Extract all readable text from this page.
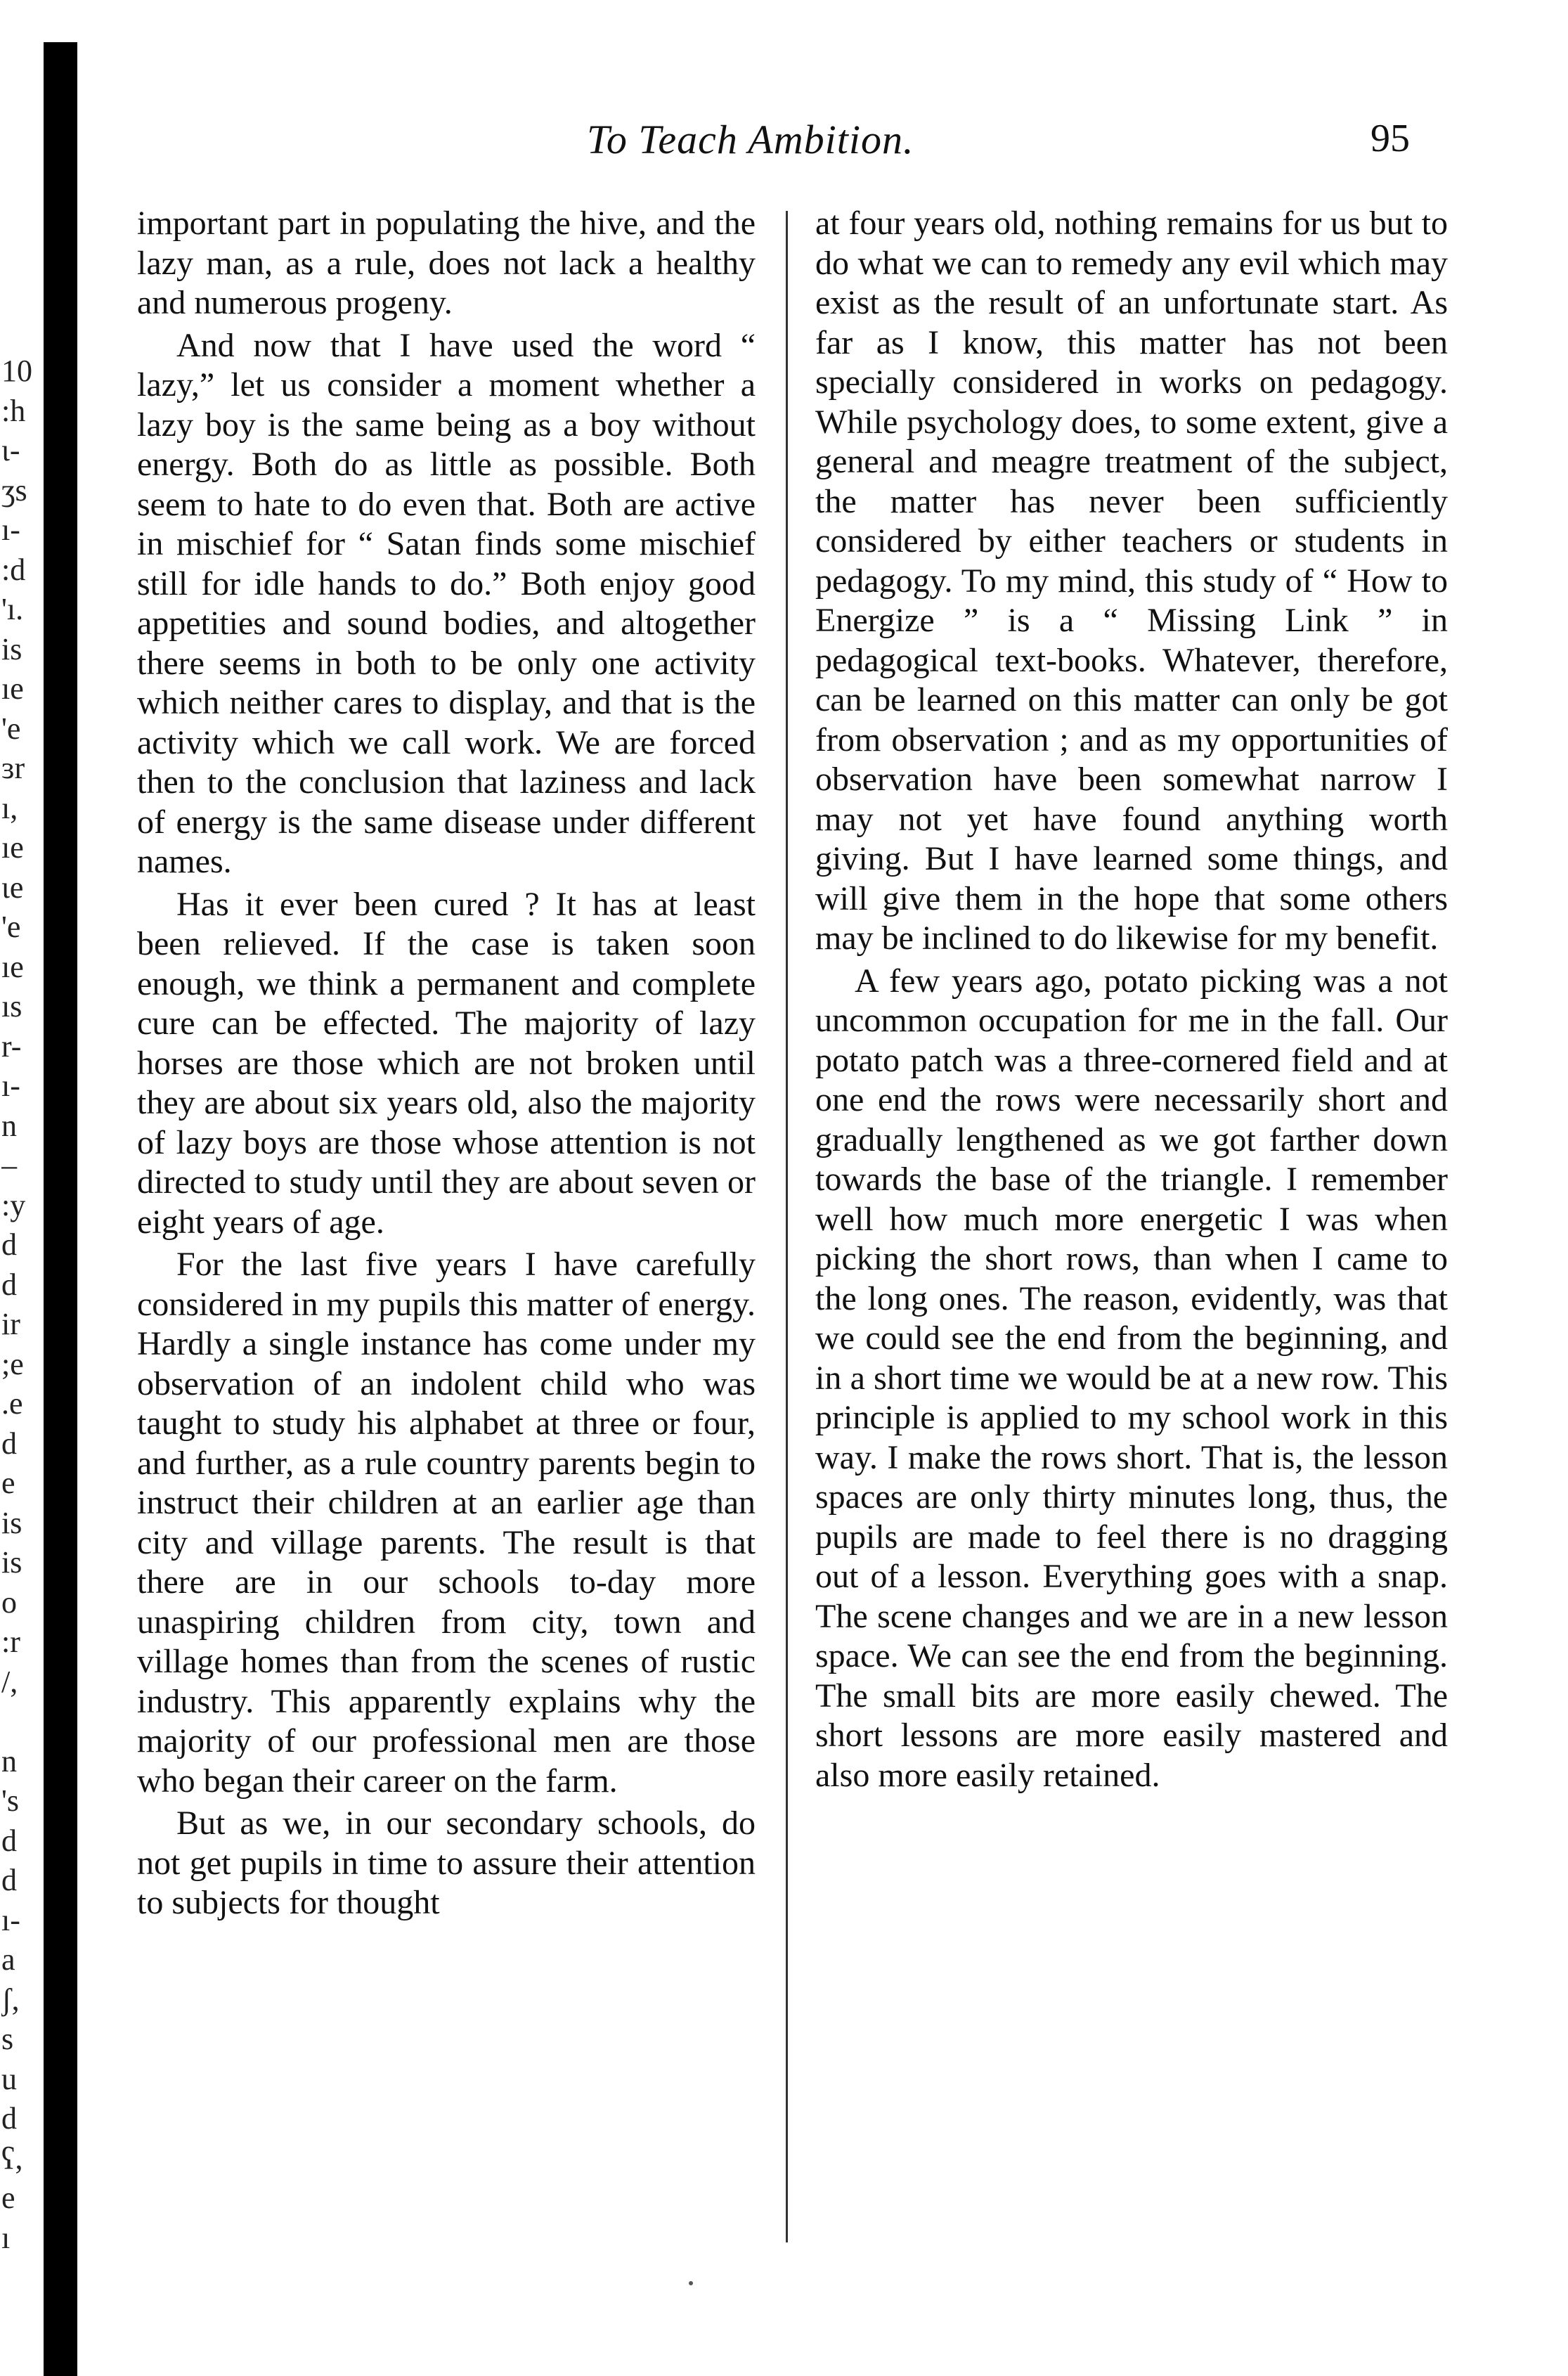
10
:h
ɩ-
ʒs
ı-
:d
'ı.
is
ıe
'e
ɜr
ı,
ıe
ɩe
'e
ıe
ıs
r-
ı-
n
–
:y
d
d
ir
;e
.e
d
e
is
is
o
:r
/,
n
's
d
d
ı-
a
ʃ,
s
u
d
ʕ,
e
ı
To Teach Ambition.	95

important part in populating the hive, and the lazy man, as a rule, does not lack a healthy and numerous progeny.

And now that I have used the word “ lazy,” let us consider a moment whether a lazy boy is the same being as a boy without energy. Both do as little as possible. Both seem to hate to do even that. Both are active in mischief for “ Satan finds some mischief still for idle hands to do.” Both enjoy good appetities and sound bodies, and altogether there seems in both to be only one activity which neither cares to display, and that is the activity which we call work. We are forced then to the conclusion that laziness and lack of energy is the same disease under different names.

Has it ever been cured ? It has at least been relieved. If the case is taken soon enough, we think a permanent and complete cure can be effected. The majority of lazy horses are those which are not broken until they are about six years old, also the majority of lazy boys are those whose attention is not directed to study until they are about seven or eight years of age.

For the last five years I have carefully considered in my pupils this matter of energy. Hardly a single instance has come under my observation of an indolent child who was taught to study his alphabet at three or four, and further, as a rule country parents begin to instruct their children at an earlier age than city and village parents. The result is that there are in our schools to-day more unaspiring children from city, town and village homes than from the scenes of rustic industry. This apparently explains why the majority of our professional men are those who began their career on the farm.

But as we, in our secondary schools, do not get pupils in time to assure their attention to subjects for thought

at four years old, nothing remains for us but to do what we can to remedy any evil which may exist as the result of an unfortunate start. As far as I know, this matter has not been specially considered in works on pedagogy. While psychology does, to some extent, give a general and meagre treatment of the subject, the matter has never been sufficiently considered by either teachers or students in pedagogy. To my mind, this study of “ How to Energize ” is a “ Missing Link ” in pedagogical text-books. Whatever, therefore, can be learned on this matter can only be got from observation ; and as my opportunities of observation have been somewhat narrow I may not yet have found anything worth giving. But I have learned some things, and will give them in the hope that some others may be inclined to do likewise for my benefit.

A few years ago, potato picking was a not uncommon occupation for me in the fall. Our potato patch was a three-cornered field and at one end the rows were necessarily short and gradually lengthened as we got farther down towards the base of the triangle. I remember well how much more energetic I was when picking the short rows, than when I came to the long ones. The reason, evidently, was that we could see the end from the beginning, and in a short time we would be at a new row. This principle is applied to my school work in this way. I make the rows short. That is, the lesson spaces are only thirty minutes long, thus, the pupils are made to feel there is no dragging out of a lesson. Everything goes with a snap. The scene changes and we are in a new lesson space. We can see the end from the beginning. The small bits are more easily chewed. The short lessons are more easily mastered and also more easily retained.
